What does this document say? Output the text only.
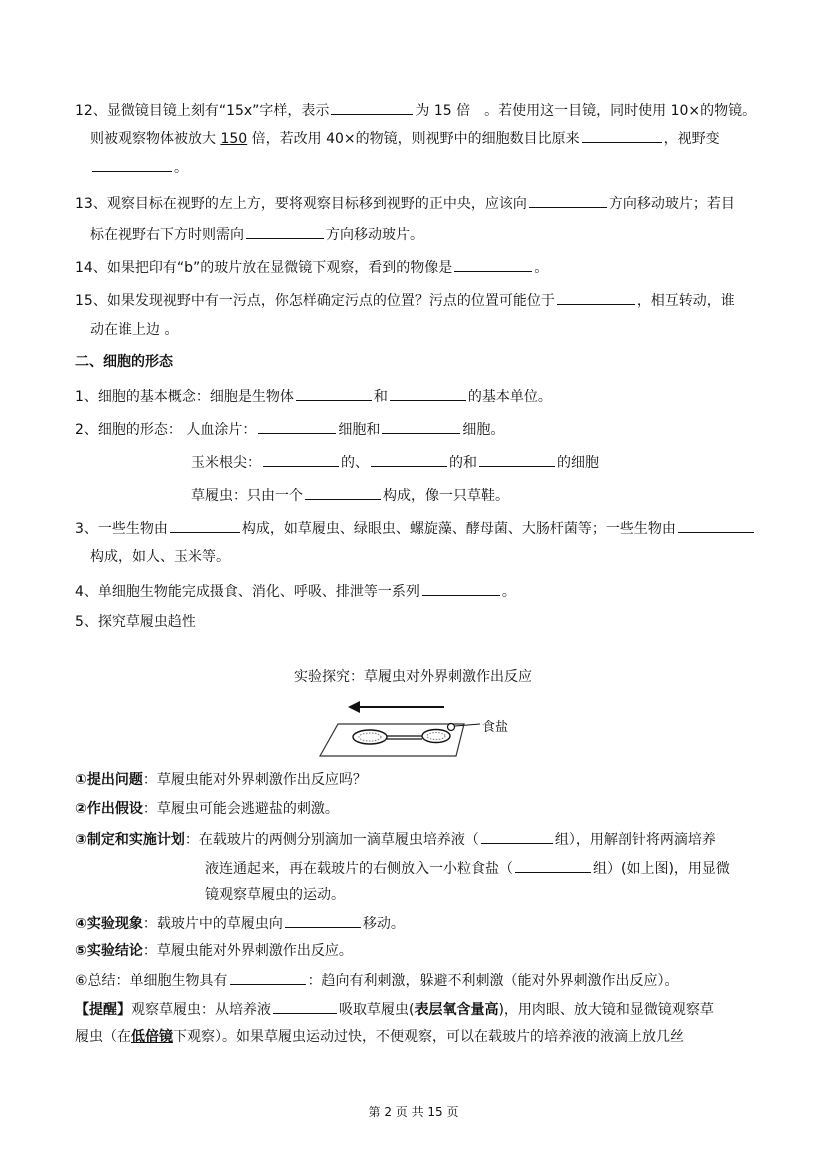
12、显微镜目镜上刻有“15x”字样，表示	为 15 倍 。若使用这一目镜，同时使用 10×的物镜。
则被观察物体被放大 150 倍，若改用 40×的物镜，则视野中的细胞数目比原来	，视野变
。
13、观察目标在视野的左上方，要将观察目标移到视野的正中央，应该向	方向移动玻片；若目
标在视野右下方时则需向	方向移动玻片。
14、如果把印有“b”的玻片放在显微镜下观察，看到的物像是	。
15、如果发现视野中有一污点，你怎样确定污点的位置？污点的位置可能位于	，相互转动，谁
动在谁上边 。
二、细胞的形态
1、细胞的基本概念：细胞是生物体	和	的基本单位。
2、细胞的形态： 人血涂片：	细胞和	细胞。
玉米根尖：	的、	的和	的细胞
草履虫：只由一个	构成，像一只草鞋。
3、一些生物由	构成，如草履虫、绿眼虫、螺旋藻、酵母菌、大肠杆菌等；一些生物由
构成，如人、玉米等。
4、单细胞生物能完成摄食、消化、呼吸、排泄等一系列	。
5、探究草履虫趋性
实验探究：草履虫对外界刺激作出反应
食盐
①提出问题：草履虫能对外界刺激作出反应吗？
②作出假设：草履虫可能会逃避盐的刺激。
③制定和实施计划：在载玻片的两侧分别滴加一滴草履虫培养液（	组），用解剖针将两滴培养
液连通起来，再在载玻片的右侧放入一小粒食盐（	组）(如上图)，用显微
镜观察草履虫的运动。
④实验现象：载玻片中的草履虫向	移动。
⑤实验结论：草履虫能对外界刺激作出反应。
⑥总结：单细胞生物具有	：趋向有利刺激，躲避不利刺激（能对外界刺激作出反应）。
【提醒】观察草履虫：从培养液	吸取草履虫(表层氧含量高)，用肉眼、放大镜和显微镜观察草
履虫（在低倍镜下观察）。如果草履虫运动过快，不便观察，可以在载玻片的培养液的液滴上放几丝
第 2 页 共 15 页
